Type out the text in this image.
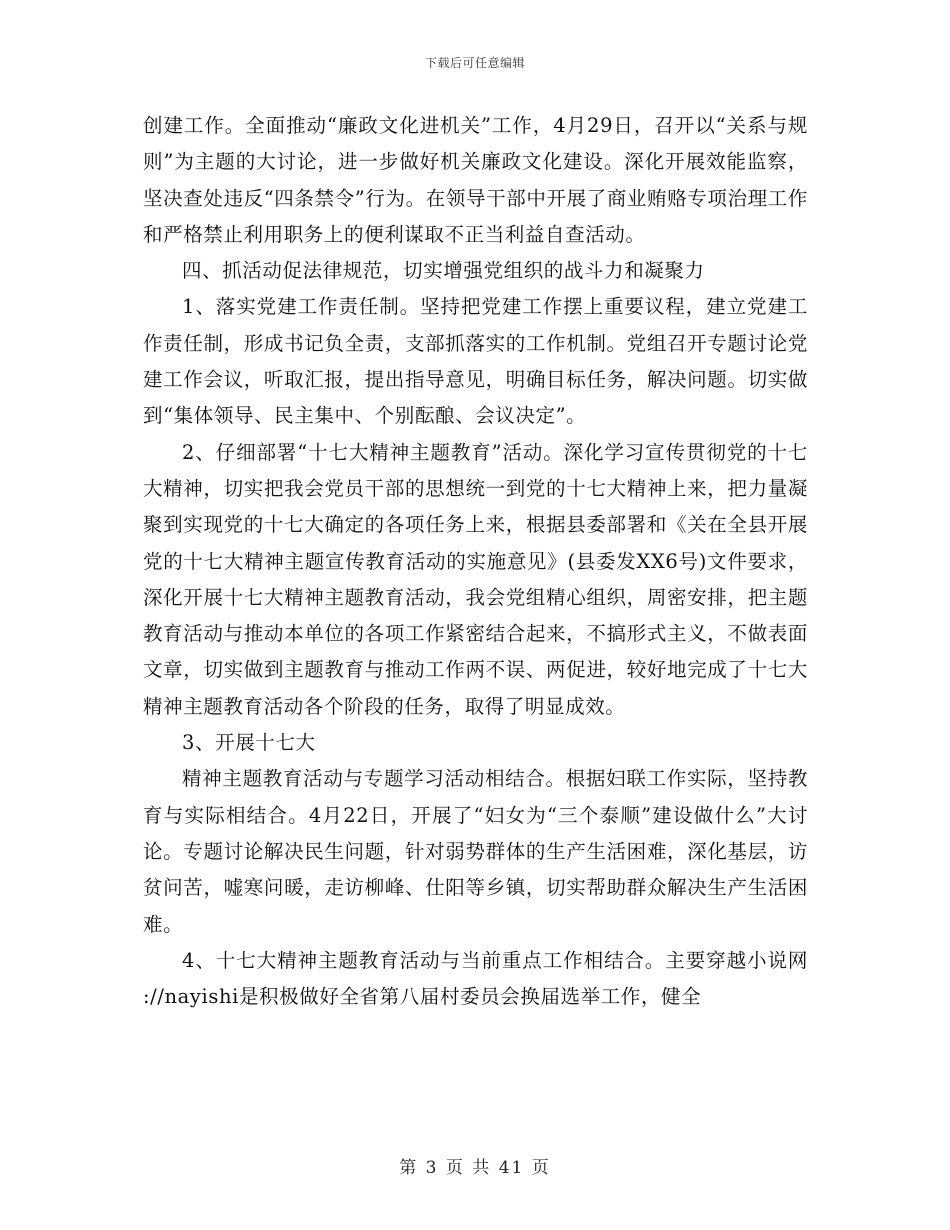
下载后可任意编辑

创建工作。全面推动“廉政文化进机关”工作，4月29日，召开以“关系与规则”为主题的大讨论，进一步做好机关廉政文化建设。深化开展效能监察，坚决查处违反“四条禁令”行为。在领导干部中开展了商业贿赂专项治理工作和严格禁止利用职务上的便利谋取不正当利益自查活动。

四、抓活动促法律规范，切实增强党组织的战斗力和凝聚力

1、落实党建工作责任制。坚持把党建工作摆上重要议程，建立党建工作责任制，形成书记负全责，支部抓落实的工作机制。党组召开专题讨论党建工作会议，听取汇报，提出指导意见，明确目标任务，解决问题。切实做到“集体领导、民主集中、个别酝酿、会议决定”。

2、仔细部署“十七大精神主题教育”活动。深化学习宣传贯彻党的十七大精神，切实把我会党员干部的思想统一到党的十七大精神上来，把力量凝聚到实现党的十七大确定的各项任务上来，根据县委部署和《关在全县开展党的十七大精神主题宣传教育活动的实施意见》(县委发XX6号)文件要求，深化开展十七大精神主题教育活动，我会党组精心组织，周密安排，把主题教育活动与推动本单位的各项工作紧密结合起来，不搞形式主义，不做表面文章，切实做到主题教育与推动工作两不误、两促进，较好地完成了十七大精神主题教育活动各个阶段的任务，取得了明显成效。

3、开展十七大

精神主题教育活动与专题学习活动相结合。根据妇联工作实际，坚持教育与实际相结合。4月22日，开展了“妇女为“三个泰顺”建设做什么”大讨论。专题讨论解决民生问题，针对弱势群体的生产生活困难，深化基层，访贫问苦，嘘寒问暖，走访柳峰、仕阳等乡镇，切实帮助群众解决生产生活困难。

4、十七大精神主题教育活动与当前重点工作相结合。主要穿越小说网 ://nayishi是积极做好全省第八届村委员会换届选举工作，健全

第 3 页 共 41 页
